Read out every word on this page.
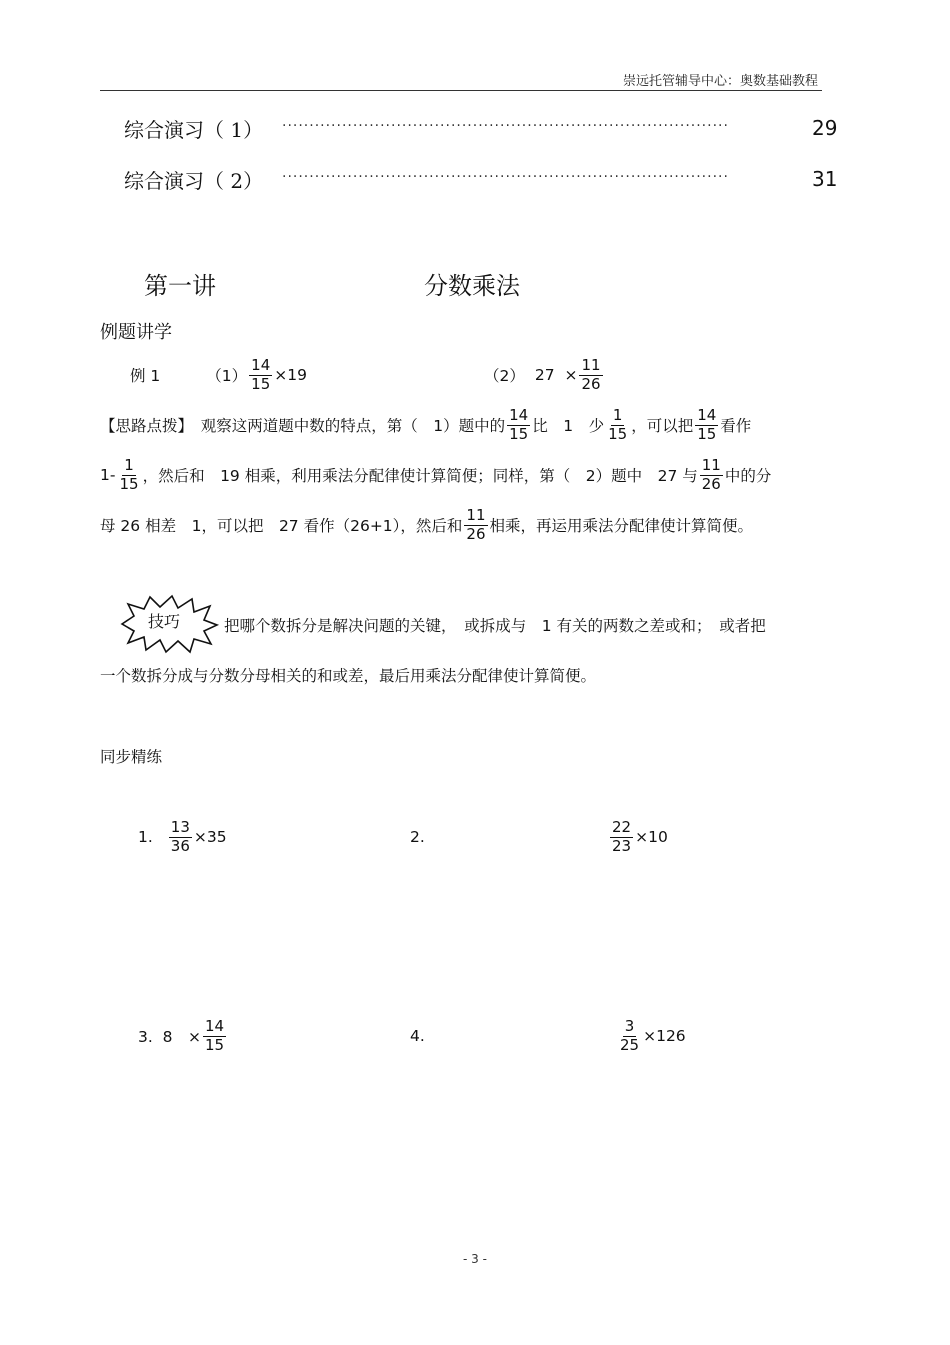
崇远托管辅导中心：奥数基础教程
综合演习（ 1） ··················································································	29
综合演习（ 2） ··················································································	31
第一讲	分数乘法
例题讲学
例 1	$(1) \frac{14}{15} \times 19$	（2） $27 \times \frac{11}{26}$
【思路点拨】　观察这两道题中数的特点，第（　1）题中的 $\frac{14}{15}$ 比　1　少 $\frac{1}{15}$ ，可以把 $\frac{14}{15}$ 看作
$1- \frac{1}{15}$ ，然后和　19 相乘，利用乘法分配律使计算简便；同样，第（　2）题中　27 与 $\frac{11}{26}$ 中的分
母 26 相差　1，可以把　27 看作（26+1），然后和 $\frac{11}{26}$ 相乘，再运用乘法分配律使计算简便。
技巧	把哪个数拆分是解决问题的关键，　或拆成与　1 有关的两数之差或和；　或者把
一个数拆分成与分数分母相关的和或差，最后用乘法分配律使计算简便。
同步精练
1. $\frac{13}{36} \times 35$	2.	$\frac{22}{23} \times 10$
3.  8　× $\frac{14}{15}$	4.	$\frac{3}{25} \times 126$
- 3 -
